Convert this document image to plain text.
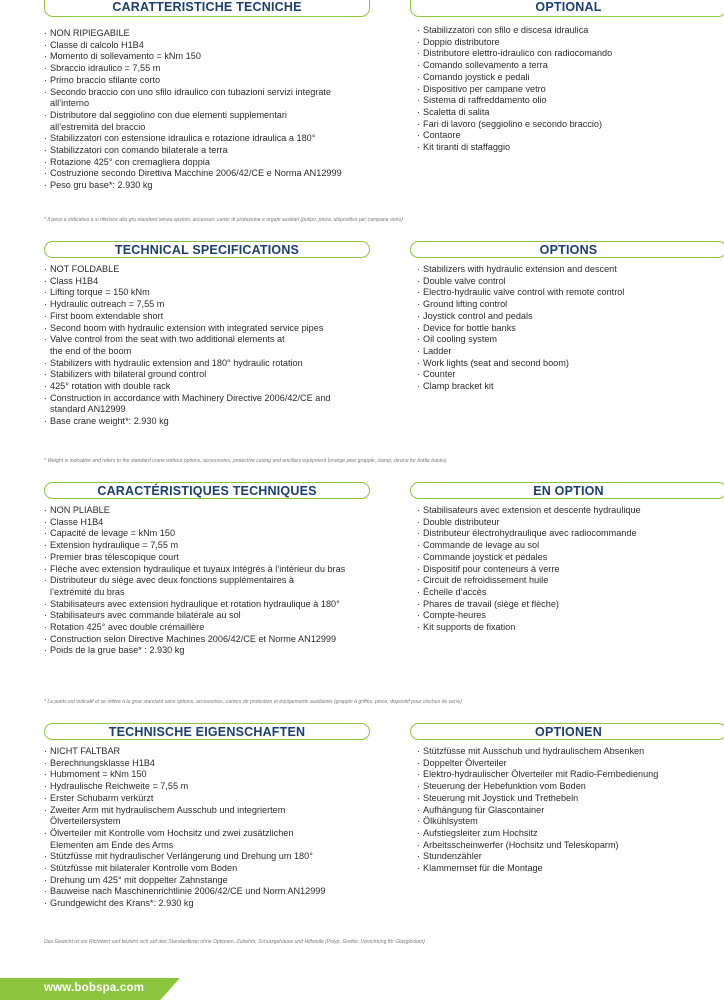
CARATTERISTICHE TECNICHE
· NON RIPIEGABILE
· Classe di calcolo H1B4
· Momento di sollevamento = kNm 150
· Sbraccio idraulico = 7,55 m
· Primo braccio sfilante corto
· Secondo braccio con uno sfilo idraulico con tubazioni servizi integrate
all’interno
· Distributore dal seggiolino con due elementi supplementari
all’estremità del braccio
· Stabilizzatori con estensione idraulica e rotazione idraulica a 180°
· Stabilizzatori con comando bilaterale a terra
· Rotazione 425° con cremagliera doppia
· Costruzione secondo Direttiva Macchine 2006/42/CE e Norma AN12999
· Peso gru base*: 2.930 kg
OPTIONAL
· Stabilizzatori con sfilo e discesa idraulica
· Doppio distributore
· Distributore elettro-idraulico con radiocomando
· Comando sollevamento a terra
· Comando joystick e pedali
· Dispositivo per campane vetro
· Sistema di raffreddamento olio
· Scaletta di salita
· Fari di lavoro (seggiolino e secondo braccio)
· Contaore
· Kit tiranti di staffaggio
* Il peso è indicativo e si riferisce alla gru standard senza opzioni, accessori, carter di protezione e organi ausiliari (polipo, pinza, dispositivo per campane vetro)
TECHNICAL SPECIFICATIONS
· NOT FOLDABLE
· Class H1B4
· Lifting torque = 150 kNm
· Hydraulic outreach = 7,55 m
· First boom extendable short
· Second boom with hydraulic extension with integrated service pipes
· Valve control from the seat with two additional elements at
the end of the boom
· Stabilizers with hydraulic extension and 180° hydraulic rotation
· Stabilizers with bilateral ground control
· 425° rotation with double rack
· Construction in accordance with Machinery Directive 2006/42/CE and
standard AN12999
· Base crane weight*: 2.930 kg
OPTIONS
· Stabilizers with hydraulic extension and descent
· Double valve control
· Electro-hydraulic valve control with remote control
· Ground lifting control
· Joystick control and pedals
· Device for bottle banks
· Oil cooling system
· Ladder
· Work lights (seat and second boom)
· Counter
· Clamp bracket kit
* Weight is indicative and refers to the standard crane without options, accessories, protective casing and ancillary equipment (orange peel grapple, clamp, device for bottle banks)
CARACTÉRISTIQUES TECHNIQUES
· NON PLIABLE
· Classe H1B4
· Capacité de levage = kNm 150
· Extension hydraulique = 7,55 m
· Premier bras télescopique court
· Flèche avec extension hydraulique et tuyaux intégrés à l’intérieur du bras
· Distributeur du siège avec deux fonctions supplémentaires à
l’extrémité du bras
· Stabilisateurs avec extension hydraulique et rotation hydraulique à 180°
· Stabilisateurs avec commande bilatérale au sol
· Rotation 425° avec double crémaillère
· Construction selon Directive Machines 2006/42/CE et Norme AN12999
· Poids de la grue base* : 2.930 kg
EN OPTION
· Stabilisateurs avec extension et descente hydraulique
· Double distributeur
· Distributeur électrohydraulique avec radiocommande
· Commande de levage au sol
· Commande joystick et pédales
· Dispositif pour conteneurs à verre
· Circuit de refroidissement huile
· Échelle d’accès
· Phares de travail (siège et flèche)
· Compte-heures
· Kit supports de fixation
* Le poids est indicatif et se réfère à la grue standard sans options, accessoires, carters de protection et équipements auxiliaires (grappin à griffes, pince, dispositif pour cloches de verre)
TECHNISCHE EIGENSCHAFTEN
· NICHT FALTBAR
· Berechnungsklasse H1B4
· Hubmoment = kNm 150
· Hydraulische Reichweite = 7,55 m
· Erster Schubarm verkürzt
· Zweiter Arm mit hydraulischem Ausschub und integriertem
Ölverteilersystem
· Ölverteiler mit Kontrolle vom Hochsitz und zwei zusätzlichen
Elementen am Ende des Arms
· Stützfüsse mit hydraulischer Verlängerung und Drehung um 180°
· Stützfüsse mit bilateraler Kontrolle vom Boden
· Drehung um 425° mit doppelter Zahnstange
· Bauweise nach Maschinenrichtlinie 2006/42/CE und Norm AN12999
· Grundgewicht des Krans*: 2.930 kg
OPTIONEN
· Stützfüsse mit Ausschub und hydraulischem Absenken
· Doppelter Ölverteiler
· Elektro-hydraulischer Ölverteiler mit Radio-Fernbedienung
· Steuerung der Hebefunktion vom Boden
· Steuerung mit Joystick und Trethebeln
· Aufhängung für Glascontainer
· Ölkühlsystem
· Aufstiegsleiter zum Hochsitz
· Arbeitsscheinwerfer (Hochsitz und Teleskoparm)
· Stundenzähler
· Klammernset für die Montage
Das Gewicht ist ein Richtwert und bezieht sich auf den Standardkran ohne Optionen, Zubehör, Schutzgehäuse und Hilfsteile (Polyp, Greifer, Vorrichtung für Glasglocken)
www.bobspa.com
